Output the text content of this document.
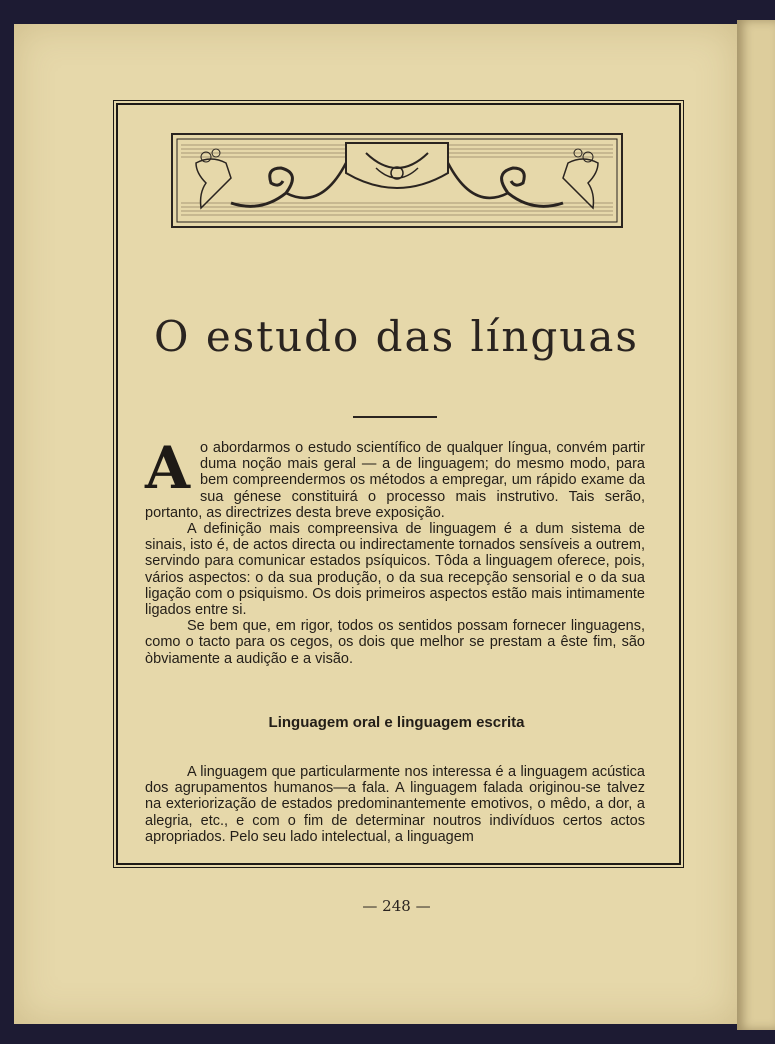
O estudo das línguas

Ao abordarmos o estudo scientífico de qualquer língua, convém partir duma noção mais geral — a de linguagem; do mesmo modo, para bem compreendermos os métodos a empregar, um rápido exame da sua génese constituirá o processo mais instrutivo. Tais serão, portanto, as directrizes desta breve exposição.

A definição mais compreensiva de linguagem é a dum sistema de sinais, isto é, de actos directa ou indirectamente tornados sensíveis a outrem, servindo para comunicar estados psíquicos. Tôda a linguagem oferece, pois, vários aspectos: o da sua produção, o da sua recepção sensorial e o da sua ligação com o psiquismo. Os dois primeiros aspectos estão mais intimamente ligados entre si.

Se bem que, em rigor, todos os sentidos possam fornecer linguagens, como o tacto para os cegos, os dois que melhor se prestam a êste fim, são òbviamente a audição e a visão.

Linguagem oral e linguagem escrita

A linguagem que particularmente nos interessa é a linguagem acústica dos agrupamentos humanos—a fala. A linguagem falada originou-se talvez na exteriorização de estados predominantemente emotivos, o mêdo, a dor, a alegria, etc., e com o fim de determinar noutros indivíduos certos actos apropriados. Pelo seu lado intelectual, a linguagem

— 248 —
